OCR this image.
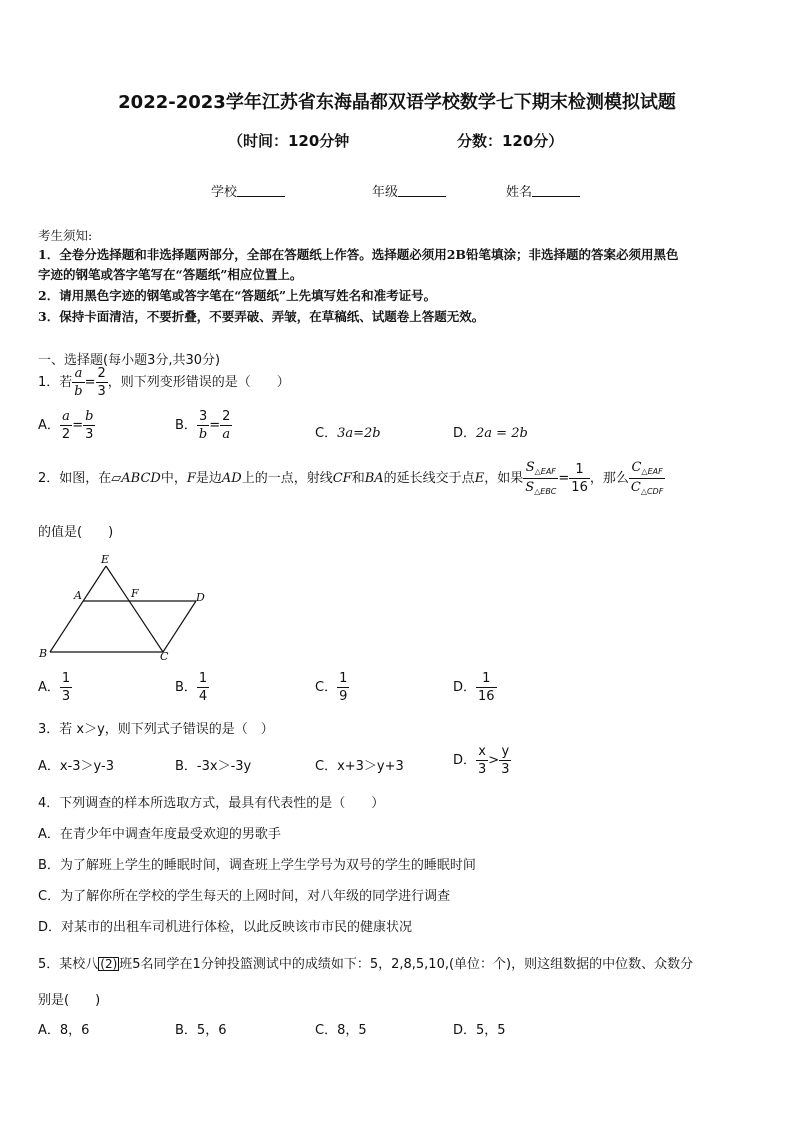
2022-2023学年江苏省东海晶都双语学校数学七下期末检测模拟试题
（时间：120分钟	分数：120分）
学校	年级	姓名
考生须知:
1．全卷分选择题和非选择题两部分，全部在答题纸上作答。选择题必须用2B铅笔填涂；非选择题的答案必须用黑色
字迹的钢笔或答字笔写在“答题纸”相应位置上。
2．请用黑色字迹的钢笔或答字笔在“答题纸”上先填写姓名和准考证号。
3．保持卡面清洁，不要折叠，不要弄破、弄皱，在草稿纸、试题卷上答题无效。
一、选择题(每小题3分,共30分)
1．若 $\frac{a}{b} = \frac{2}{3}$ ，则下列变形错误的是（　　）
A． $\frac{a}{2} = \frac{b}{3}$	B． $\frac{3}{b} = \frac{2}{a}$	C．3a=2b	D．2a = 2b
2．如图，在▱ABCD中，F是边AD上的一点，射线CF和BA的延长线交于点E，如果 $\frac{S_{\triangle EAF}}{S_{\triangle EBC}} = \frac{1}{16}$ ，那么 $\frac{C_{\triangle EAF}}{C_{\triangle CDF}}$
的值是(　　)
E
A	F	D
B	C
A． $\frac{1}{3}$	B． $\frac{1}{4}$	C． $\frac{1}{9}$	D． $\frac{1}{16}$
3．若 x＞y，则下列式子错误的是（　）
A．x-3＞y-3	B．-3x＞-3y	C．x+3＞y+3	D． $\frac{x}{3} > \frac{y}{3}$
4．下列调查的样本所选取方式，最具有代表性的是（　　）
A．在青少年中调查年度最受欢迎的男歌手
B．为了解班上学生的睡眠时间，调查班上学生学号为双号的学生的睡眠时间
C．为了解你所在学校的学生每天的上网时间，对八年级的同学进行调查
D．对某市的出租车司机进行体检，以此反映该市市民的健康状况
5．某校八 (2) 班5名同学在1分钟投篮测试中的成绩如下：5，2,8,5,10,(单位：个)，则这组数据的中位数、众数分
别是(　　)
A．8，6	B．5，6	C．8，5	D．5，5
